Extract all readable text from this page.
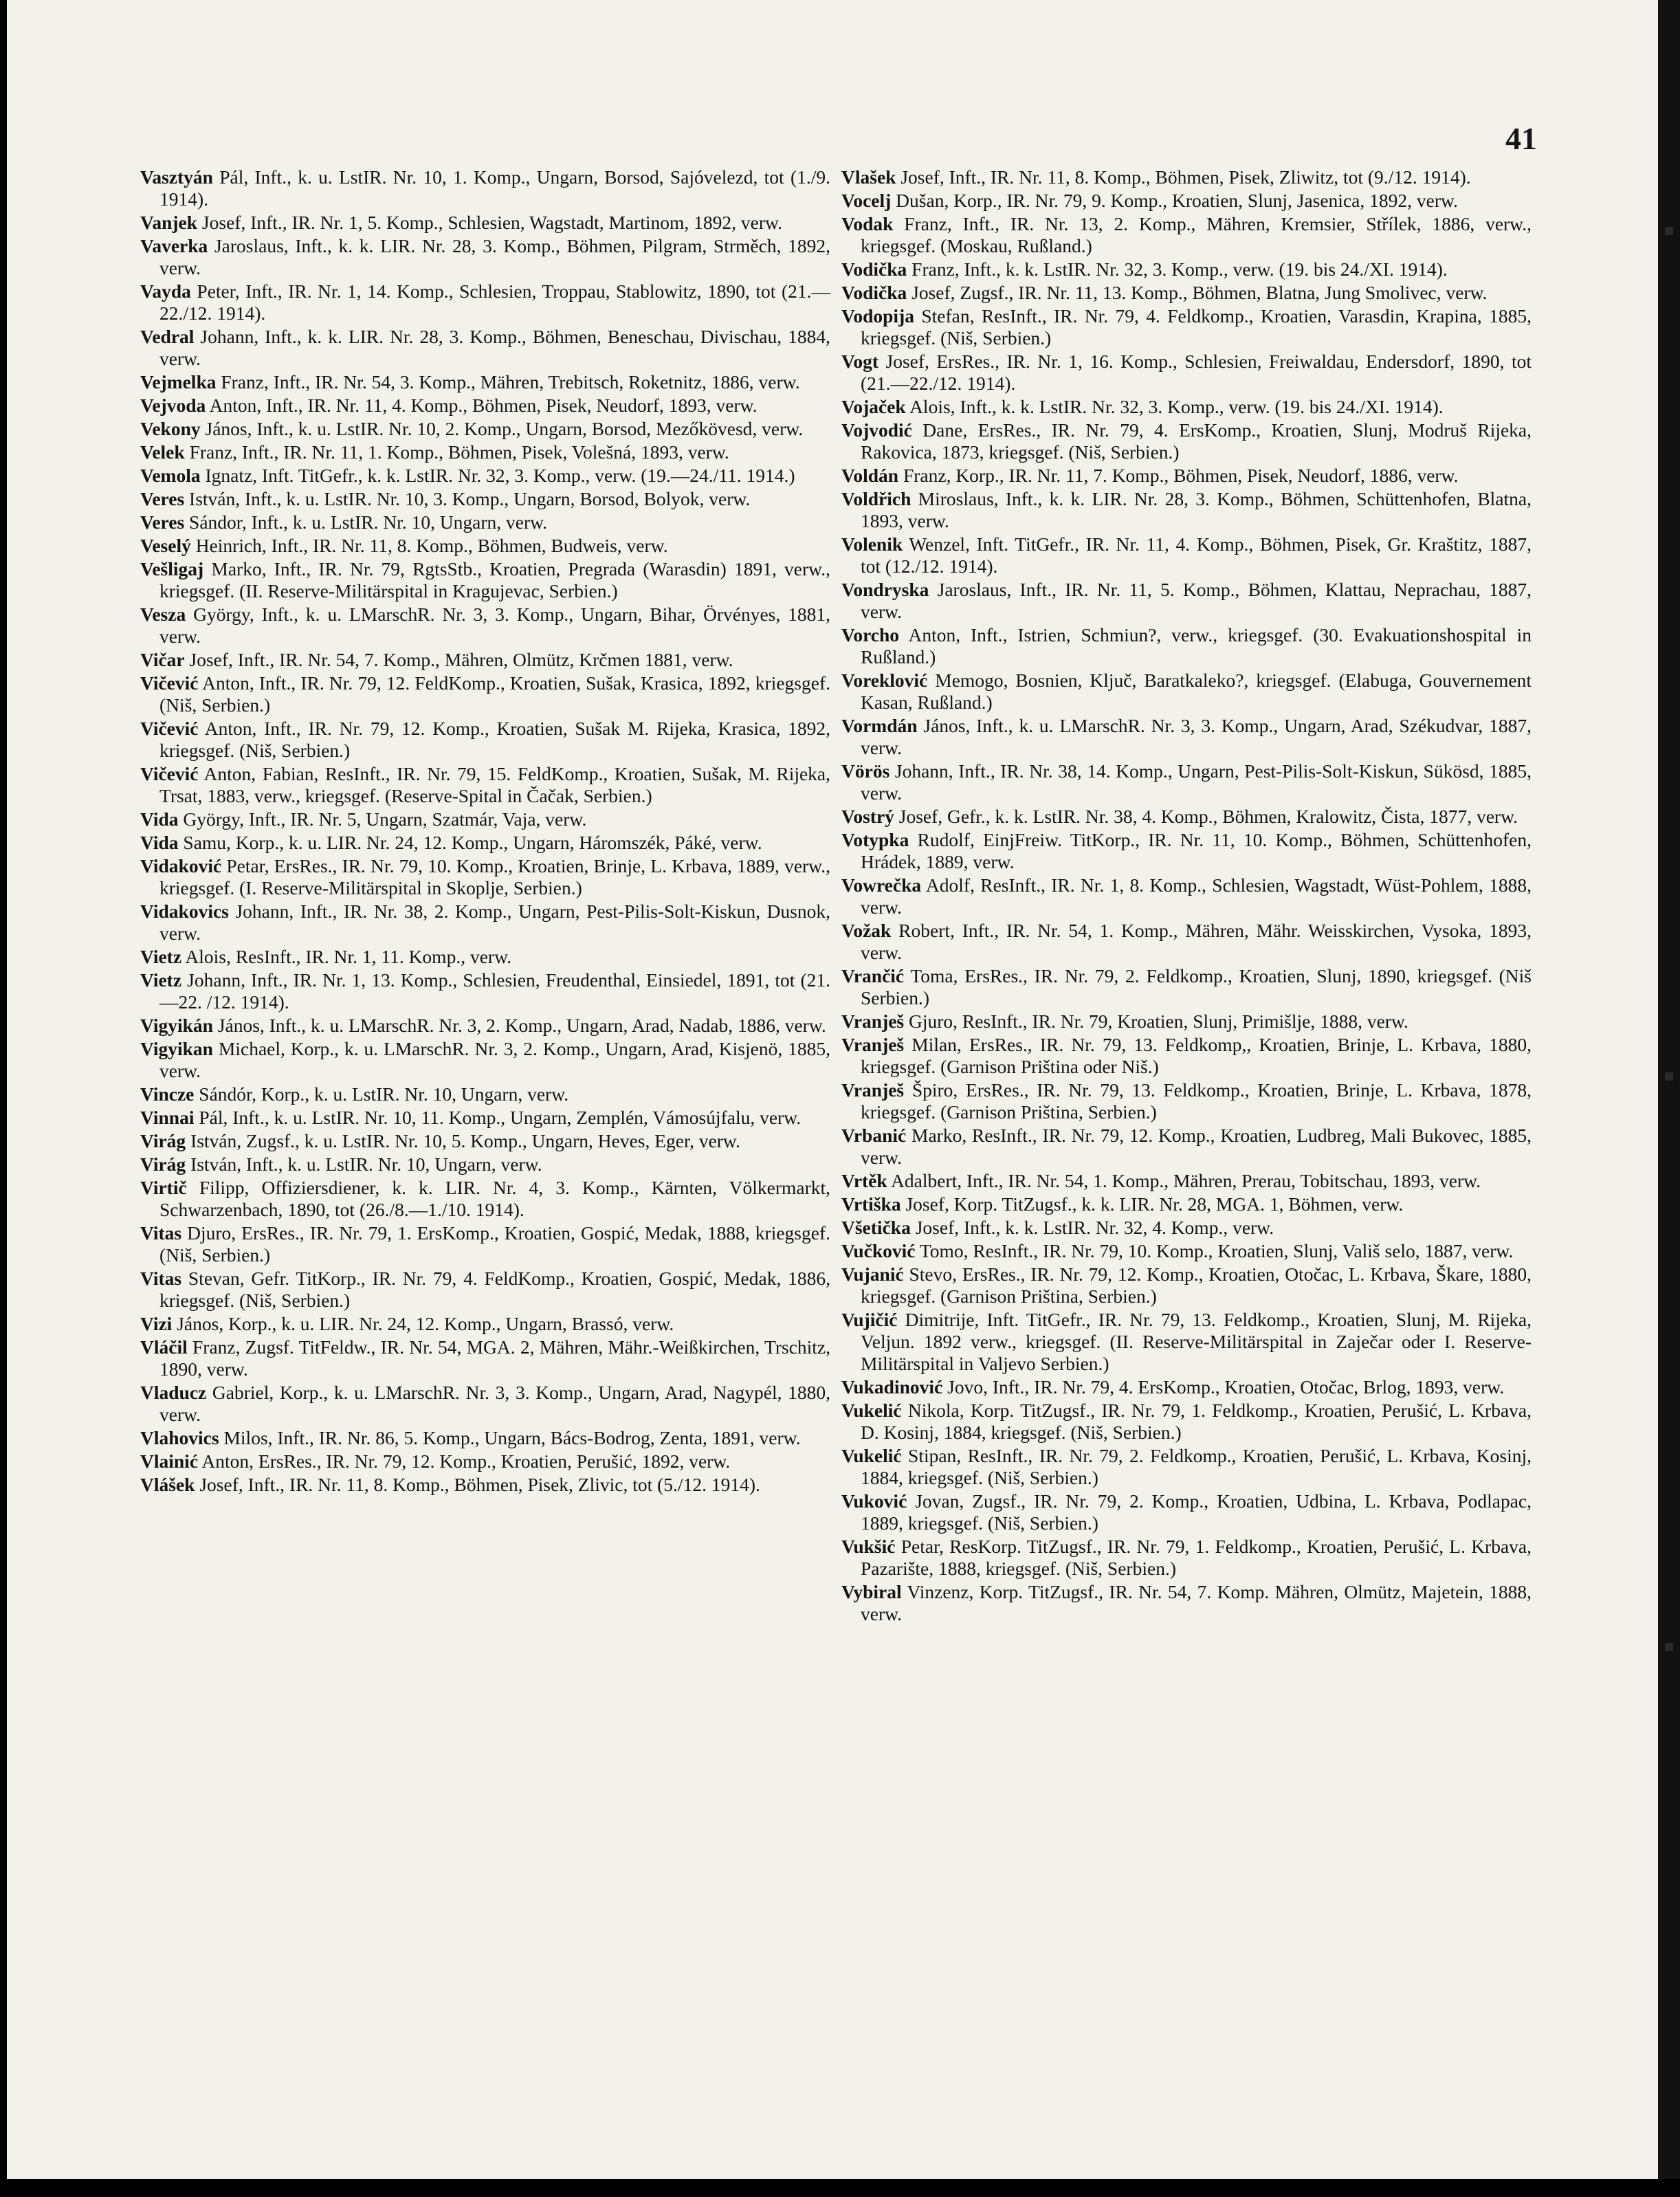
41

Vasztyán Pál, Inft., k. u. LstIR. Nr. 10, 1. Komp., Ungarn, Borsod, Sajóvelezd, tot (1./9. 1914).

Vanjek Josef, Inft., IR. Nr. 1, 5. Komp., Schlesien, Wagstadt, Martinom, 1892, verw.

Vaverka Jaroslaus, Inft., k. k. LIR. Nr. 28, 3. Komp., Böhmen, Pilgram, Strměch, 1892, verw.

Vayda Peter, Inft., IR. Nr. 1, 14. Komp., Schlesien, Troppau, Stablowitz, 1890, tot (21.—22./12. 1914).

Vedral Johann, Inft., k. k. LIR. Nr. 28, 3. Komp., Böhmen, Beneschau, Divischau, 1884, verw.

Vejmelka Franz, Inft., IR. Nr. 54, 3. Komp., Mähren, Trebitsch, Roketnitz, 1886, verw.

Vejvoda Anton, Inft., IR. Nr. 11, 4. Komp., Böhmen, Pisek, Neudorf, 1893, verw.

Vekony János, Inft., k. u. LstIR. Nr. 10, 2. Komp., Ungarn, Borsod, Mezőkövesd, verw.

Velek Franz, Inft., IR. Nr. 11, 1. Komp., Böhmen, Pisek, Volešná, 1893, verw.

Vemola Ignatz, Inft. TitGefr., k. k. LstIR. Nr. 32, 3. Komp., verw. (19.—24./11. 1914.)

Veres István, Inft., k. u. LstIR. Nr. 10, 3. Komp., Ungarn, Borsod, Bolyok, verw.

Veres Sándor, Inft., k. u. LstIR. Nr. 10, Ungarn, verw.

Veselý Heinrich, Inft., IR. Nr. 11, 8. Komp., Böhmen, Budweis, verw.

Vešligaj Marko, Inft., IR. Nr. 79, RgtsStb., Kroatien, Pregrada (Warasdin) 1891, verw., kriegsgef. (II. Reserve-Militärspital in Kragujevac, Serbien.)

Vesza György, Inft., k. u. LMarschR. Nr. 3, 3. Komp., Ungarn, Bihar, Örvényes, 1881, verw.

Vičar Josef, Inft., IR. Nr. 54, 7. Komp., Mähren, Olmütz, Krčmen 1881, verw.

Vičević Anton, Inft., IR. Nr. 79, 12. FeldKomp., Kroatien, Sušak, Krasica, 1892, kriegsgef. (Niš, Serbien.)

Vičević Anton, Inft., IR. Nr. 79, 12. Komp., Kroatien, Sušak M. Rijeka, Krasica, 1892, kriegsgef. (Niš, Serbien.)

Vičević Anton, Fabian, ResInft., IR. Nr. 79, 15. FeldKomp., Kroatien, Sušak, M. Rijeka, Trsat, 1883, verw., kriegsgef. (Reserve-Spital in Čačak, Serbien.)

Vida György, Inft., IR. Nr. 5, Ungarn, Szatmár, Vaja, verw.

Vida Samu, Korp., k. u. LIR. Nr. 24, 12. Komp., Ungarn, Háromszék, Páké, verw.

Vidaković Petar, ErsRes., IR. Nr. 79, 10. Komp., Kroatien, Brinje, L. Krbava, 1889, verw., kriegsgef. (I. Reserve-Militärspital in Skoplje, Serbien.)

Vidakovics Johann, Inft., IR. Nr. 38, 2. Komp., Ungarn, Pest-Pilis-Solt-Kiskun, Dusnok, verw.

Vietz Alois, ResInft., IR. Nr. 1, 11. Komp., verw.

Vietz Johann, Inft., IR. Nr. 1, 13. Komp., Schlesien, Freudenthal, Einsiedel, 1891, tot (21.—22. /12. 1914).

Vigyikán János, Inft., k. u. LMarschR. Nr. 3, 2. Komp., Ungarn, Arad, Nadab, 1886, verw.

Vigyikan Michael, Korp., k. u. LMarschR. Nr. 3, 2. Komp., Ungarn, Arad, Kisjenö, 1885, verw.

Vincze Sándór, Korp., k. u. LstIR. Nr. 10, Ungarn, verw.

Vinnai Pál, Inft., k. u. LstIR. Nr. 10, 11. Komp., Ungarn, Zemplén, Vámosújfalu, verw.

Virág István, Zugsf., k. u. LstIR. Nr. 10, 5. Komp., Ungarn, Heves, Eger, verw.

Virág István, Inft., k. u. LstIR. Nr. 10, Ungarn, verw.

Virtič Filipp, Offiziersdiener, k. k. LIR. Nr. 4, 3. Komp., Kärnten, Völkermarkt, Schwarzenbach, 1890, tot (26./8.—1./10. 1914).

Vitas Djuro, ErsRes., IR. Nr. 79, 1. ErsKomp., Kroatien, Gospić, Medak, 1888, kriegsgef. (Niš, Serbien.)

Vitas Stevan, Gefr. TitKorp., IR. Nr. 79, 4. FeldKomp., Kroatien, Gospić, Medak, 1886, kriegsgef. (Niš, Serbien.)

Vizi János, Korp., k. u. LIR. Nr. 24, 12. Komp., Ungarn, Brassó, verw.

Vláčil Franz, Zugsf. TitFeldw., IR. Nr. 54, MGA. 2, Mähren, Mähr.-Weißkirchen, Trschitz, 1890, verw.

Vladucz Gabriel, Korp., k. u. LMarschR. Nr. 3, 3. Komp., Ungarn, Arad, Nagypél, 1880, verw.

Vlahovics Milos, Inft., IR. Nr. 86, 5. Komp., Ungarn, Bács-Bodrog, Zenta, 1891, verw.

Vlainić Anton, ErsRes., IR. Nr. 79, 12. Komp., Kroatien, Perušić, 1892, verw.

Vlášek Josef, Inft., IR. Nr. 11, 8. Komp., Böhmen, Pisek, Zlivic, tot (5./12. 1914).

Vlašek Josef, Inft., IR. Nr. 11, 8. Komp., Böhmen, Pisek, Zliwitz, tot (9./12. 1914).

Vocelj Dušan, Korp., IR. Nr. 79, 9. Komp., Kroatien, Slunj, Jasenica, 1892, verw.

Vodak Franz, Inft., IR. Nr. 13, 2. Komp., Mähren, Kremsier, Střílek, 1886, verw., kriegsgef. (Moskau, Rußland.)

Vodička Franz, Inft., k. k. LstIR. Nr. 32, 3. Komp., verw. (19. bis 24./XI. 1914).

Vodička Josef, Zugsf., IR. Nr. 11, 13. Komp., Böhmen, Blatna, Jung Smolivec, verw.

Vodopija Stefan, ResInft., IR. Nr. 79, 4. Feldkomp., Kroatien, Varasdin, Krapina, 1885, kriegsgef. (Niš, Serbien.)

Vogt Josef, ErsRes., IR. Nr. 1, 16. Komp., Schlesien, Freiwaldau, Endersdorf, 1890, tot (21.—22./12. 1914).

Vojaček Alois, Inft., k. k. LstIR. Nr. 32, 3. Komp., verw. (19. bis 24./XI. 1914).

Vojvodić Dane, ErsRes., IR. Nr. 79, 4. ErsKomp., Kroatien, Slunj, Modruš Rijeka, Rakovica, 1873, kriegsgef. (Niš, Serbien.)

Voldán Franz, Korp., IR. Nr. 11, 7. Komp., Böhmen, Pisek, Neudorf, 1886, verw.

Voldřich Miroslaus, Inft., k. k. LIR. Nr. 28, 3. Komp., Böhmen, Schüttenhofen, Blatna, 1893, verw.

Volenik Wenzel, Inft. TitGefr., IR. Nr. 11, 4. Komp., Böhmen, Pisek, Gr. Kraštitz, 1887, tot (12./12. 1914).

Vondryska Jaroslaus, Inft., IR. Nr. 11, 5. Komp., Böhmen, Klattau, Neprachau, 1887, verw.

Vorcho Anton, Inft., Istrien, Schmiun?, verw., kriegsgef. (30. Evakuationshospital in Rußland.)

Voreklović Memogo, Bosnien, Ključ, Baratkaleko?, kriegsgef. (Elabuga, Gouvernement Kasan, Rußland.)

Vormdán János, Inft., k. u. LMarschR. Nr. 3, 3. Komp., Ungarn, Arad, Székudvar, 1887, verw.

Vörös Johann, Inft., IR. Nr. 38, 14. Komp., Ungarn, Pest-Pilis-Solt-Kiskun, Sükösd, 1885, verw.

Vostrý Josef, Gefr., k. k. LstIR. Nr. 38, 4. Komp., Böhmen, Kralowitz, Čista, 1877, verw.

Votypka Rudolf, EinjFreiw. TitKorp., IR. Nr. 11, 10. Komp., Böhmen, Schüttenhofen, Hrádek, 1889, verw.

Vowrečka Adolf, ResInft., IR. Nr. 1, 8. Komp., Schlesien, Wagstadt, Wüst-Pohlem, 1888, verw.

Vožak Robert, Inft., IR. Nr. 54, 1. Komp., Mähren, Mähr. Weisskirchen, Vysoka, 1893, verw.

Vrančić Toma, ErsRes., IR. Nr. 79, 2. Feldkomp., Kroatien, Slunj, 1890, kriegsgef. (Niš Serbien.)

Vranješ Gjuro, ResInft., IR. Nr. 79, Kroatien, Slunj, Primišlje, 1888, verw.

Vranješ Milan, ErsRes., IR. Nr. 79, 13. Feldkomp,, Kroatien, Brinje, L. Krbava, 1880, kriegsgef. (Garnison Priština oder Niš.)

Vranješ Špiro, ErsRes., IR. Nr. 79, 13. Feldkomp., Kroatien, Brinje, L. Krbava, 1878, kriegsgef. (Garnison Priština, Serbien.)

Vrbanić Marko, ResInft., IR. Nr. 79, 12. Komp., Kroatien, Ludbreg, Mali Bukovec, 1885, verw.

Vrtěk Adalbert, Inft., IR. Nr. 54, 1. Komp., Mähren, Prerau, Tobitschau, 1893, verw.

Vrtiška Josef, Korp. TitZugsf., k. k. LIR. Nr. 28, MGA. 1, Böhmen, verw.

Všetička Josef, Inft., k. k. LstIR. Nr. 32, 4. Komp., verw.

Vučković Tomo, ResInft., IR. Nr. 79, 10. Komp., Kroatien, Slunj, Vališ selo, 1887, verw.

Vujanić Stevo, ErsRes., IR. Nr. 79, 12. Komp., Kroatien, Otočac, L. Krbava, Škare, 1880, kriegsgef. (Garnison Priština, Serbien.)

Vujičić Dimitrije, Inft. TitGefr., IR. Nr. 79, 13. Feldkomp., Kroatien, Slunj, M. Rijeka, Veljun. 1892 verw., kriegsgef. (II. Reserve-Militärspital in Zaječar oder I. Reserve-Militärspital in Valjevo Serbien.)

Vukadinović Jovo, Inft., IR. Nr. 79, 4. ErsKomp., Kroatien, Otočac, Brlog, 1893, verw.

Vukelić Nikola, Korp. TitZugsf., IR. Nr. 79, 1. Feldkomp., Kroatien, Perušić, L. Krbava, D. Kosinj, 1884, kriegsgef. (Niš, Serbien.)

Vukelić Stipan, ResInft., IR. Nr. 79, 2. Feldkomp., Kroatien, Perušić, L. Krbava, Kosinj, 1884, kriegsgef. (Niš, Serbien.)

Vuković Jovan, Zugsf., IR. Nr. 79, 2. Komp., Kroatien, Udbina, L. Krbava, Podlapac, 1889, kriegsgef. (Niš, Serbien.)

Vukšić Petar, ResKorp. TitZugsf., IR. Nr. 79, 1. Feldkomp., Kroatien, Perušić, L. Krbava, Pazarište, 1888, kriegsgef. (Niš, Serbien.)

Vybiral Vinzenz, Korp. TitZugsf., IR. Nr. 54, 7. Komp. Mähren, Olmütz, Majetein, 1888, verw.
